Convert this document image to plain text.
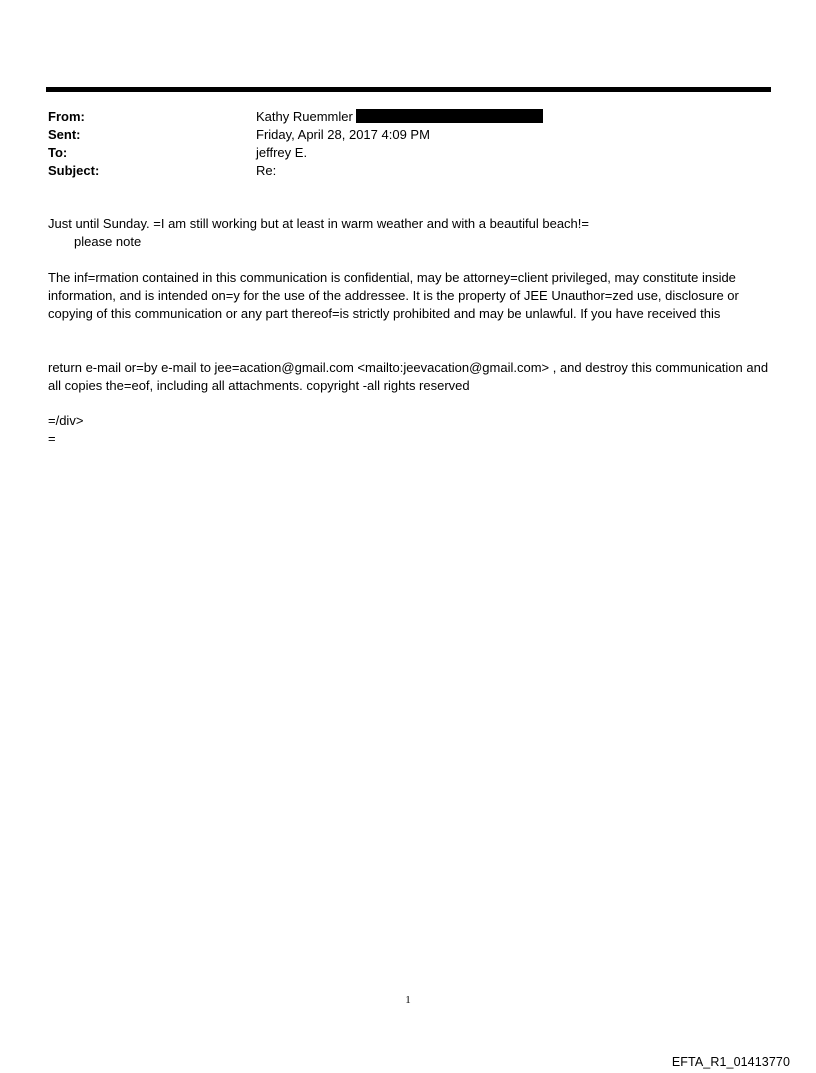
From:	Kathy Ruemmler
Sent:	Friday, April 28, 2017 4:09 PM
To:	jeffrey E.
Subject:	Re:
Just until Sunday. =I am still working but at least in warm weather and with a beautiful beach!=
please note
The inf=rmation contained in this communication is confidential, may be attorney=client privileged, may constitute inside information, and is intended on=y for the use of the addressee. It is the property of JEE Unauthor=zed use, disclosure or copying of this communication or any part thereof=is strictly prohibited and may be unlawful. If you have received this
return e-mail or=by e-mail to jee=acation@gmail.com <mailto:jeevacation@gmail.com> , and destroy this communication and all copies the=eof, including all attachments. copyright -all rights reserved
=/div>
=
1
EFTA_R1_01413770
